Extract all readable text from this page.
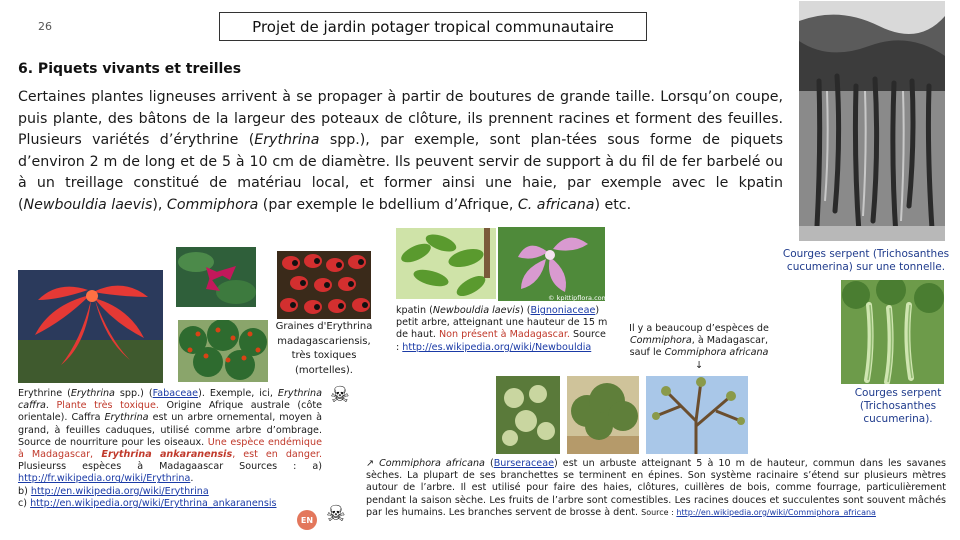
26	Projet de jardin potager tropical communautaire
6. Piquets vivants et treilles
Certaines plantes ligneuses arrivent à se propager à partir de boutures de grande taille. Lorsqu’on coupe, puis plante, des bâtons de la largeur des poteaux de clôture, ils prennent racines et forment des feuilles. Plusieurs variétés d’érythrine (Erythrina spp.), par exemple, sont plan-tées sous forme de piquets d’environ 2 m de long et de 5 à 10 cm de diamètre. Ils peuvent servir de support à du fil de fer barbelé ou à un treillage constitué de matériau local, et former ainsi une haie, par exemple avec le kpatin (Newbouldia laevis), Commiphora (par exemple le bdellium d’Afrique, C. africana) etc.
Courges serpent (Trichosanthes cucumerina) sur une tonnelle.
Graines d'Erythrina madagascariensis, très toxiques (mortelles).
☠
Erythrine (Erythrina spp.) (Fabaceae). Exemple, ici, Erythrina caffra. Plante très toxique. Origine Afrique australe (côte orientale). Caffra Erythrina est un arbre ornemental, moyen à grand, à feuilles caduques, utilisé comme arbre d’ombrage. Source de nourriture pour les oiseaux. Une espèce endémique à Madagascar, Erythrina ankaranensis, est en danger. Plusieurss espèces à Madagaascar Sources : a) http://fr.wikipedia.org/wiki/Erythrina.
b) http://en.wikipedia.org/wiki/Erythrina
c) http://en.wikipedia.org/wiki/Erythrina_ankaranensis
EN ☠
© kpittipflora.com
kpatin (Newbouldia laevis) (Bignoniaceae) petit arbre, atteignant une hauteur de 15 m de haut. Non présent à Madagascar. Source : http://es.wikipedia.org/wiki/Newbouldia
Il y a beaucoup d’espèces de Commiphora, à Madagascar, sauf le Commiphora africana ↓
Courges serpent (Trichosanthes cucumerina).
↗ Commiphora africana (Burseraceae) est un arbuste atteignant 5 à 10 m de hauteur, commun dans les savanes sèches. La plupart de ses branchettes se terminent en épines. Son système racinaire s’étend sur plusieurs mètres autour de l’arbre. Il est utilisé pour faire des haies, clôtures, cuillères de bois, comme fourrage, particulièrement pendant la saison sèche. Les fruits de l’arbre sont comestibles. Les racines douces et succulentes sont souvent mâchés par les humains. Les branches servent de brosse à dent. Source : http://en.wikipedia.org/wiki/Commiphora_africana
